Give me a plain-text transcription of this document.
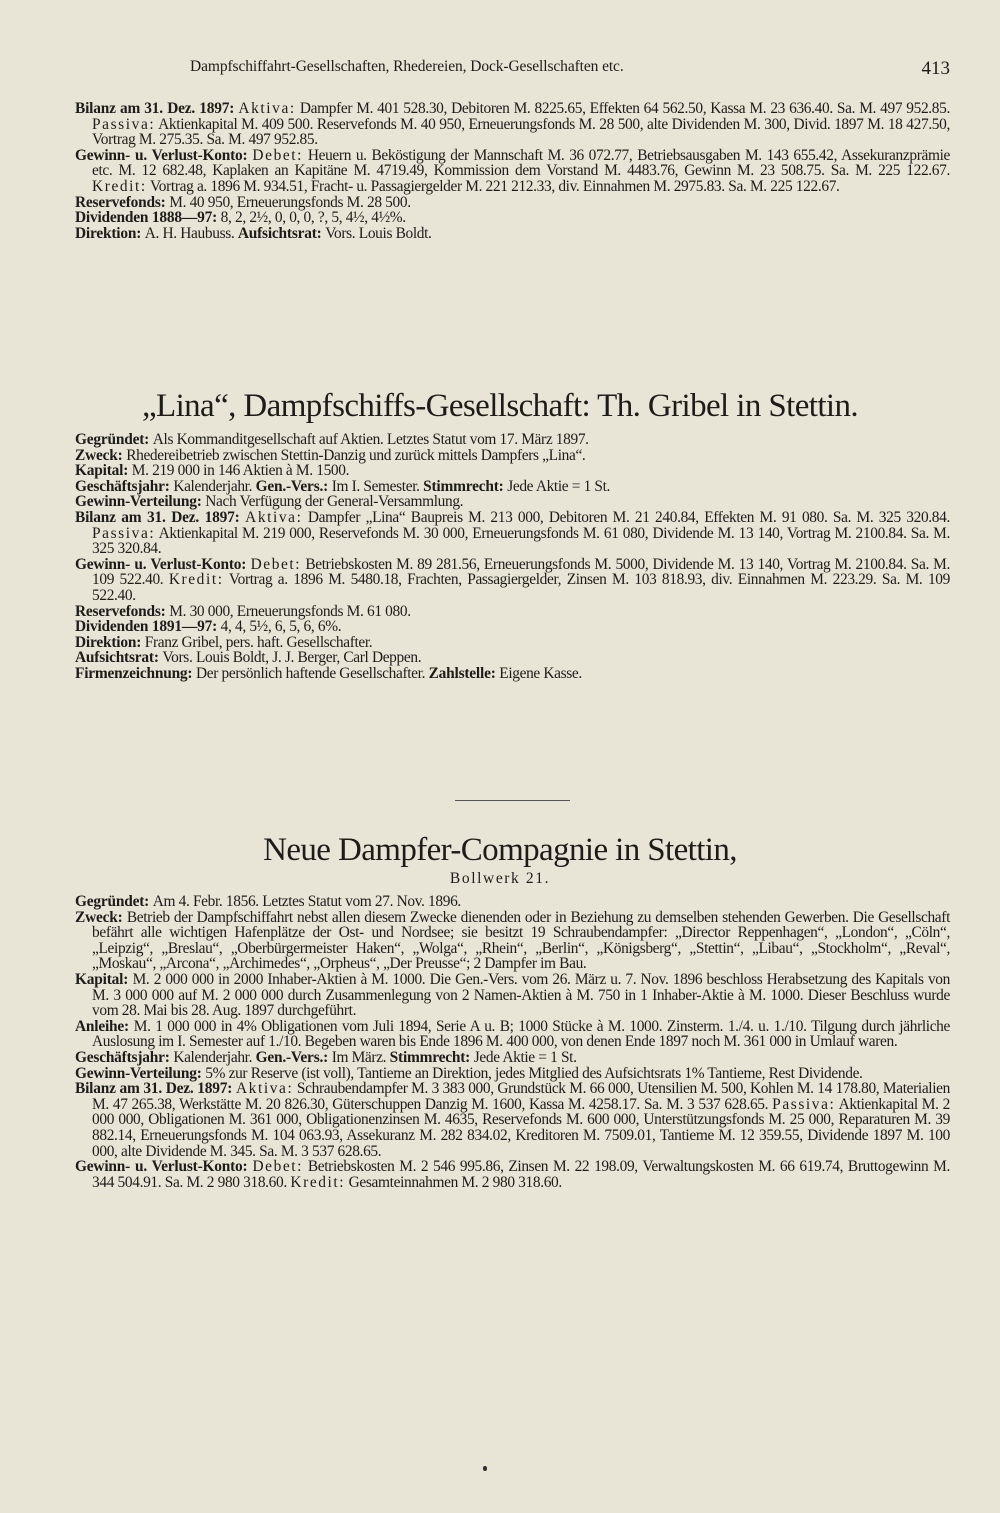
Dampfschiffahrt-Gesellschaften, Rhedereien, Dock-Gesellschaften etc.	413
Bilanz am 31. Dez. 1897: Aktiva: Dampfer M. 401 528.30, Debitoren M. 8225.65, Effekten 64 562.50, Kassa M. 23 636.40. Sa. M. 497 952.85. Passiva: Aktienkapital M. 409 500. Reservefonds M. 40 950, Erneuerungsfonds M. 28 500, alte Dividenden M. 300, Divid. 1897 M. 18 427.50, Vortrag M. 275.35. Sa. M. 497 952.85.
Gewinn- u. Verlust-Konto: Debet: Heuern u. Beköstigung der Mannschaft M. 36 072.77, Betriebsausgaben M. 143 655.42, Assekuranzprämie etc. M. 12 682.48, Kaplaken an Kapitäne M. 4719.49, Kommission dem Vorstand M. 4483.76, Gewinn M. 23 508.75. Sa. M. 225 122.67. Kredit: Vortrag a. 1896 M. 934.51, Fracht- u. Passagiergelder M. 221 212.33, div. Einnahmen M. 2975.83. Sa. M. 225 122.67.
Reservefonds: M. 40 950, Erneuerungsfonds M. 28 500.
Dividenden 1888—97: 8, 2, 2½, 0, 0, 0, ?, 5, 4½, 4½%.
Direktion: A. H. Haubuss. Aufsichtsrat: Vors. Louis Boldt.
„Lina“, Dampfschiffs-Gesellschaft: Th. Gribel in Stettin.
Gegründet: Als Kommanditgesellschaft auf Aktien. Letztes Statut vom 17. März 1897.
Zweck: Rhedereibetrieb zwischen Stettin-Danzig und zurück mittels Dampfers „Lina“.
Kapital: M. 219 000 in 146 Aktien à M. 1500.
Geschäftsjahr: Kalenderjahr. Gen.-Vers.: Im I. Semester. Stimmrecht: Jede Aktie = 1 St.
Gewinn-Verteilung: Nach Verfügung der General-Versammlung.
Bilanz am 31. Dez. 1897: Aktiva: Dampfer „Lina“ Baupreis M. 213 000, Debitoren M. 21 240.84, Effekten M. 91 080. Sa. M. 325 320.84. Passiva: Aktienkapital M. 219 000, Reservefonds M. 30 000, Erneuerungsfonds M. 61 080, Dividende M. 13 140, Vortrag M. 2100.84. Sa. M. 325 320.84.
Gewinn- u. Verlust-Konto: Debet: Betriebskosten M. 89 281.56, Erneuerungsfonds M. 5000, Dividende M. 13 140, Vortrag M. 2100.84. Sa. M. 109 522.40. Kredit: Vortrag a. 1896 M. 5480.18, Frachten, Passagiergelder, Zinsen M. 103 818.93, div. Einnahmen M. 223.29. Sa. M. 109 522.40.
Reservefonds: M. 30 000, Erneuerungsfonds M. 61 080.
Dividenden 1891—97: 4, 4, 5½, 6, 5, 6, 6%.
Direktion: Franz Gribel, pers. haft. Gesellschafter.
Aufsichtsrat: Vors. Louis Boldt, J. J. Berger, Carl Deppen.
Firmenzeichnung: Der persönlich haftende Gesellschafter. Zahlstelle: Eigene Kasse.
Neue Dampfer-Compagnie in Stettin,
Bollwerk 21.
Gegründet: Am 4. Febr. 1856. Letztes Statut vom 27. Nov. 1896.
Zweck: Betrieb der Dampfschiffahrt nebst allen diesem Zwecke dienenden oder in Beziehung zu demselben stehenden Gewerben. Die Gesellschaft befährt alle wichtigen Hafenplätze der Ost- und Nordsee; sie besitzt 19 Schraubendampfer: „Director Reppenhagen“, „London“, „Cöln“, „Leipzig“, „Breslau“, „Oberbürgermeister Haken“, „Wolga“, „Rhein“, „Berlin“, „Königsberg“, „Stettin“, „Libau“, „Stockholm“, „Reval“, „Moskau“, „Arcona“, „Archimedes“, „Orpheus“, „Der Preusse“; 2 Dampfer im Bau.
Kapital: M. 2 000 000 in 2000 Inhaber-Aktien à M. 1000. Die Gen.-Vers. vom 26. März u. 7. Nov. 1896 beschloss Herabsetzung des Kapitals von M. 3 000 000 auf M. 2 000 000 durch Zusammenlegung von 2 Namen-Aktien à M. 750 in 1 Inhaber-Aktie à M. 1000. Dieser Beschluss wurde vom 28. Mai bis 28. Aug. 1897 durchgeführt.
Anleihe: M. 1 000 000 in 4% Obligationen vom Juli 1894, Serie A u. B; 1000 Stücke à M. 1000. Zinsterm. 1./4. u. 1./10. Tilgung durch jährliche Auslosung im I. Semester auf 1./10. Begeben waren bis Ende 1896 M. 400 000, von denen Ende 1897 noch M. 361 000 in Umlauf waren.
Geschäftsjahr: Kalenderjahr. Gen.-Vers.: Im März. Stimmrecht: Jede Aktie = 1 St.
Gewinn-Verteilung: 5% zur Reserve (ist voll), Tantieme an Direktion, jedes Mitglied des Aufsichtsrats 1% Tantieme, Rest Dividende.
Bilanz am 31. Dez. 1897: Aktiva: Schraubendampfer M. 3 383 000, Grundstück M. 66 000, Utensilien M. 500, Kohlen M. 14 178.80, Materialien M. 47 265.38, Werkstätte M. 20 826.30, Güterschuppen Danzig M. 1600, Kassa M. 4258.17. Sa. M. 3 537 628.65. Passiva: Aktienkapital M. 2 000 000, Obligationen M. 361 000, Obligationenzinsen M. 4635, Reservefonds M. 600 000, Unterstützungsfonds M. 25 000, Reparaturen M. 39 882.14, Erneuerungsfonds M. 104 063.93, Assekuranz M. 282 834.02, Kreditoren M. 7509.01, Tantieme M. 12 359.55, Dividende 1897 M. 100 000, alte Dividende M. 345. Sa. M. 3 537 628.65.
Gewinn- u. Verlust-Konto: Debet: Betriebskosten M. 2 546 995.86, Zinsen M. 22 198.09, Verwaltungskosten M. 66 619.74, Bruttogewinn M. 344 504.91. Sa. M. 2 980 318.60. Kredit: Gesamteinnahmen M. 2 980 318.60.
